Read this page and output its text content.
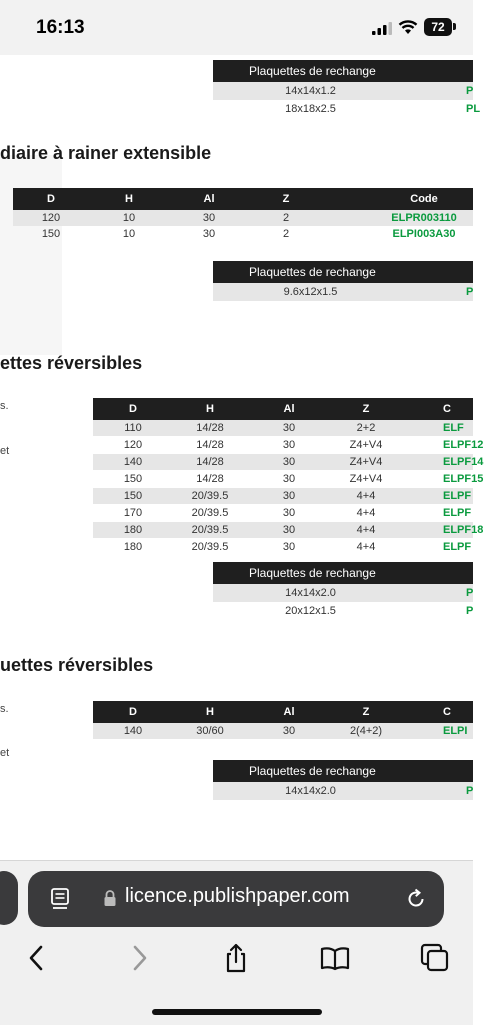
16:13	72
Plaquettes de rechange
14x14x1.2	P
18x18x2.5	PL
diaire à rainer extensible
D	H	Al	Z	Code
120	10	30	2	ELPR003110
150	10	30	2	ELPI003A30
Plaquettes de rechange
9.6x12x1.5	P
ettes réversibles
s.
et
D	H	Al	Z	C
110	14/28	30	2+2	ELF
120	14/28	30	Z4+V4	ELPF12
140	14/28	30	Z4+V4	ELPF14
150	14/28	30	Z4+V4	ELPF15
150	20/39.5	30	4+4	ELPF
170	20/39.5	30	4+4	ELPF
180	20/39.5	30	4+4	ELPF18
180	20/39.5	30	4+4	ELPF
Plaquettes de rechange
14x14x2.0	P
20x12x1.5	P
uettes réversibles
s.
et
D	H	Al	Z	C
140	30/60	30	2(4+2)	ELPI
Plaquettes de rechange
14x14x2.0	P
licence.publishpaper.com
